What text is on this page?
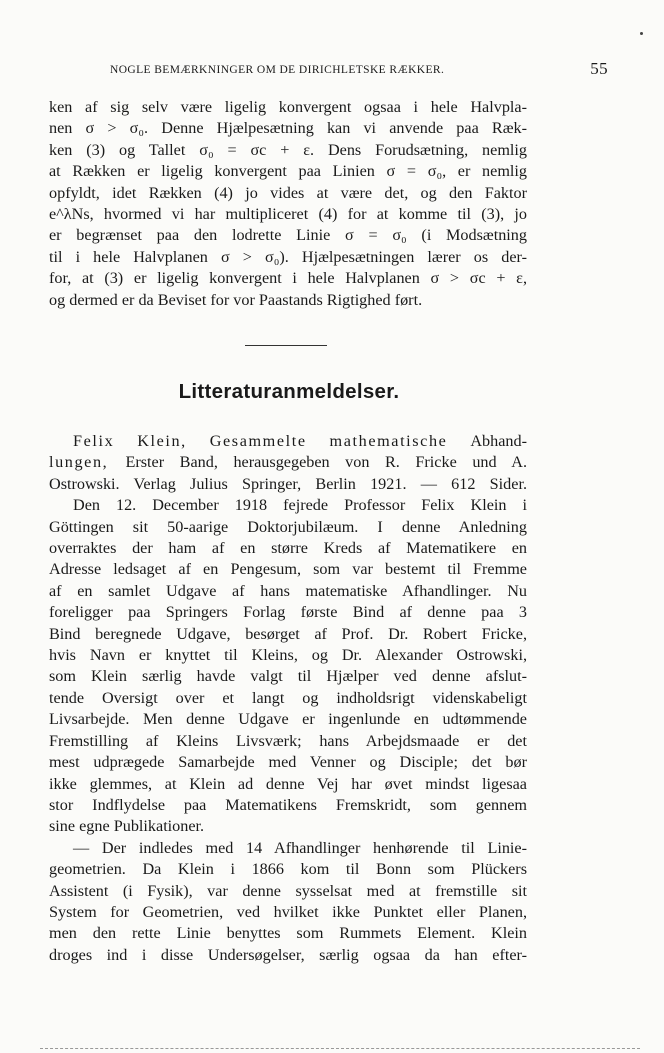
NOGLE BEMÆRKNINGER OM DE DIRICHLETSKE RÆKKER.	55
ken af sig selv være ligelig konvergent ogsaa i hele Halvpla-
nen σ > σ₀. Denne Hjælpesætning kan vi anvende paa Ræk-
ken (3) og Tallet σ₀ = σc + ε. Dens Forudsætning, nemlig
at Rækken er ligelig konvergent paa Linien σ = σ₀, er nemlig
opfyldt, idet Rækken (4) jo vides at være det, og den Faktor
e^λNs, hvormed vi har multipliceret (4) for at komme til (3), jo
er begrænset paa den lodrette Linie σ = σ₀ (i Modsætning
til i hele Halvplanen σ > σ₀). Hjælpesætningen lærer os der-
for, at (3) er ligelig konvergent i hele Halvplanen σ > σc + ε,
og dermed er da Beviset for vor Paastands Rigtighed ført.
Litteraturanmeldelser.
Felix Klein, Gesammelte mathematische Abhand-
lungen, Erster Band, herausgegeben von R. Fricke und A.
Ostrowski. Verlag Julius Springer, Berlin 1921. — 612 Sider.
Den 12. December 1918 fejrede Professor Felix Klein i
Göttingen sit 50-aarige Doktorjubilæum. I denne Anledning
overraktes der ham af en større Kreds af Matematikere en
Adresse ledsaget af en Pengesum, som var bestemt til Fremme
af en samlet Udgave af hans matematiske Afhandlinger. Nu
foreligger paa Springers Forlag første Bind af denne paa 3
Bind beregnede Udgave, besørget af Prof. Dr. Robert Fricke,
hvis Navn er knyttet til Kleins, og Dr. Alexander Ostrowski,
som Klein særlig havde valgt til Hjælper ved denne afslut-
tende Oversigt over et langt og indholdsrigt videnskabeligt
Livsarbejde. Men denne Udgave er ingenlunde en udtømmende
Fremstilling af Kleins Livsværk; hans Arbejdsmaade er det
mest udprægede Samarbejde med Venner og Disciple; det bør
ikke glemmes, at Klein ad denne Vej har øvet mindst ligesaa
stor Indflydelse paa Matematikens Fremskridt, som gennem
sine egne Publikationer.
— Der indledes med 14 Afhandlinger henhørende til Linie-
geometrien. Da Klein i 1866 kom til Bonn som Plückers
Assistent (i Fysik), var denne sysselsat med at fremstille sit
System for Geometrien, ved hvilket ikke Punktet eller Planen,
men den rette Linie benyttes som Rummets Element. Klein
droges ind i disse Undersøgelser, særlig ogsaa da han efter-
